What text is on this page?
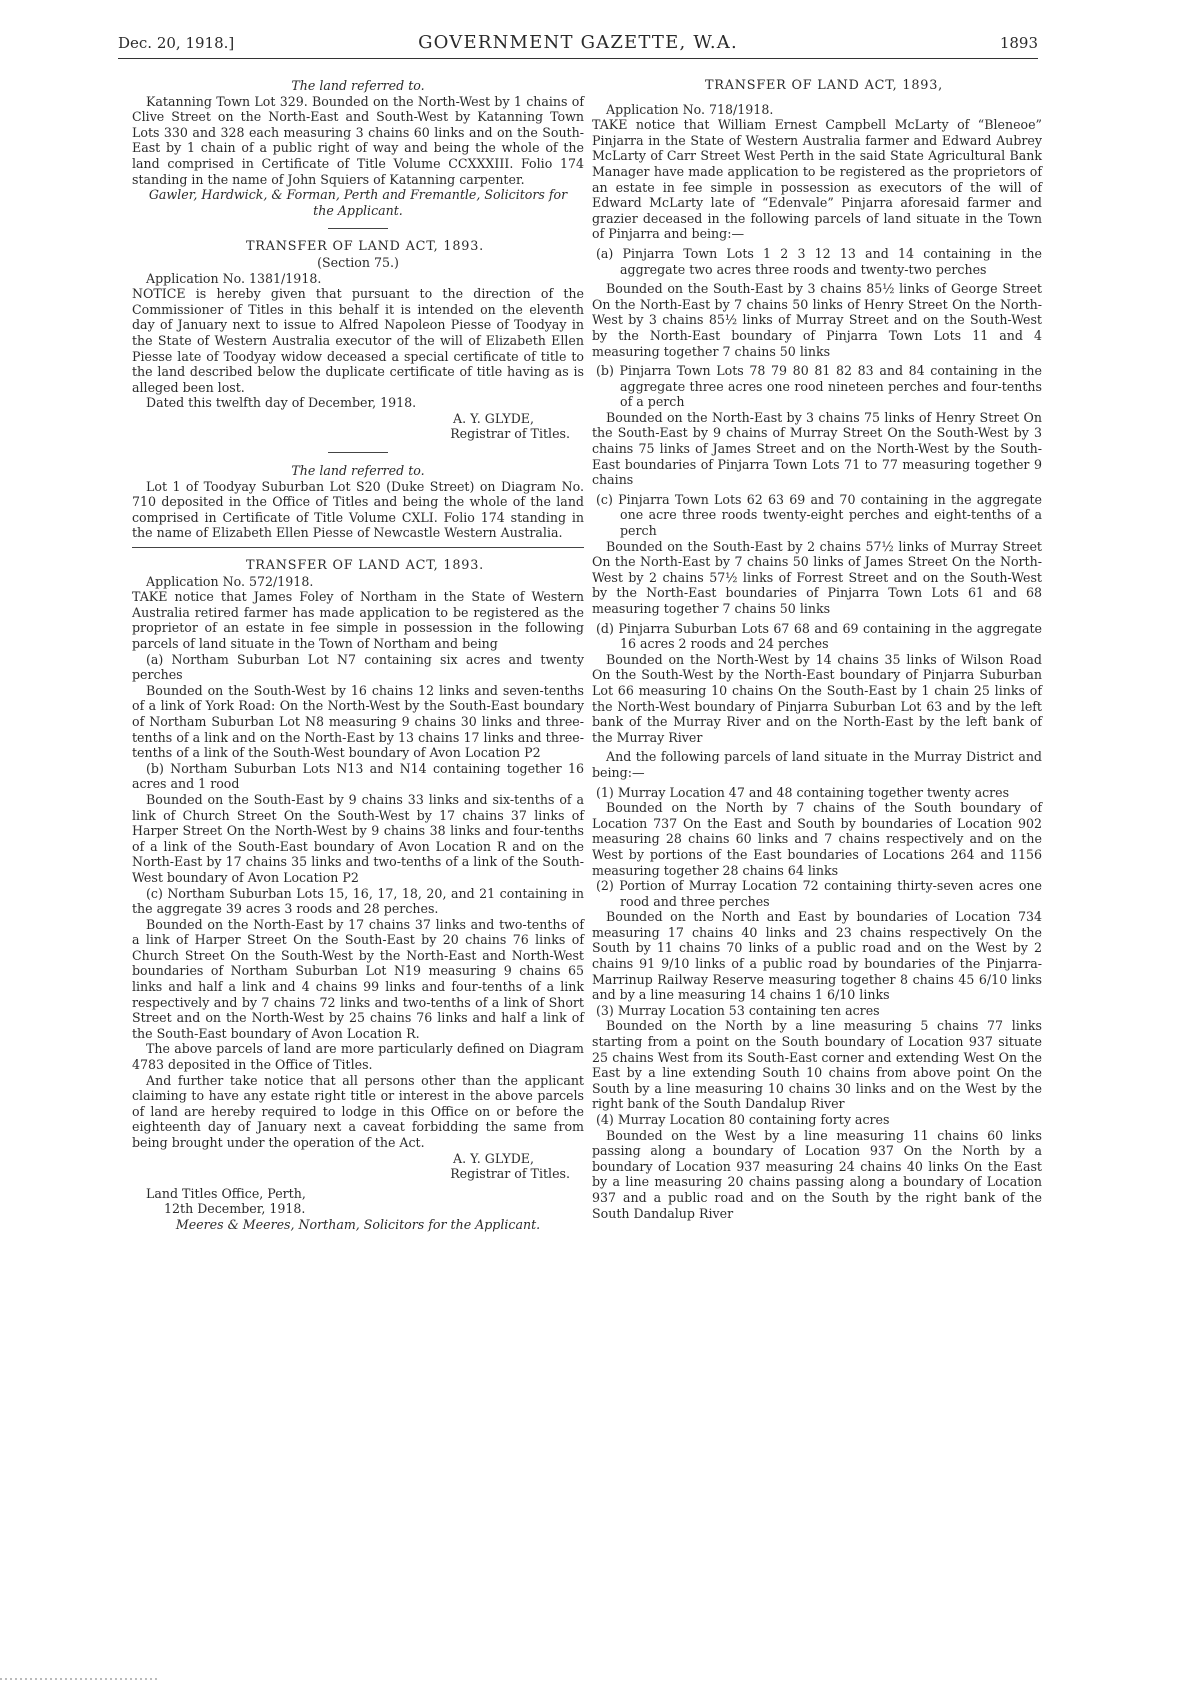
Dec. 20, 1918.]	GOVERNMENT GAZETTE, W.A.	1893

The land referred to.

Katanning Town Lot 329. Bounded on the North-West by 1 chains of Clive Street on the North-East and South-West by Katanning Town Lots 330 and 328 each measuring 3 chains 60 links and on the South-East by 1 chain of a public right of way and being the whole of the land comprised in Certificate of Title Volume CCXXXIII. Folio 174 standing in the name of John Squiers of Katanning carpenter.

Gawler, Hardwick, & Forman, Perth and Fremantle, Solicitors for the Applicant.

TRANSFER OF LAND ACT, 1893.

(Section 75.)

Application No. 1381/1918.

NOTICE is hereby given that pursuant to the direction of the Commissioner of Titles in this behalf it is intended on the eleventh day of January next to issue to Alfred Napoleon Piesse of Toodyay in the State of Western Australia executor of the will of Elizabeth Ellen Piesse late of Toodyay widow deceased a special certificate of title to the land described below the duplicate certificate of title having as is alleged been lost.

Dated this twelfth day of December, 1918.

A. Y. GLYDE,

Registrar of Titles.

The land referred to.

Lot 1 of Toodyay Suburban Lot S20 (Duke Street) on Diagram No. 710 deposited in the Office of Titles and being the whole of the land comprised in Certificate of Title Volume CXLI. Folio 174 standing in the name of Elizabeth Ellen Piesse of Newcastle Western Australia.

TRANSFER OF LAND ACT, 1893.

Application No. 572/1918.

TAKE notice that James Foley of Northam in the State of Western Australia retired farmer has made application to be registered as the proprietor of an estate in fee simple in possession in the following parcels of land situate in the Town of Northam and being

(a) Northam Suburban Lot N7 containing six acres and twenty perches

Bounded on the South-West by 16 chains 12 links and seven-tenths of a link of York Road: On the North-West by the South-East boundary of Northam Suburban Lot N8 measuring 9 chains 30 links and three-tenths of a link and on the North-East by 13 chains 17 links and three-tenths of a link of the South-West boundary of Avon Location P2

(b) Northam Suburban Lots N13 and N14 containing together 16 acres and 1 rood

Bounded on the South-East by 9 chains 33 links and six-tenths of a link of Church Street On the South-West by 17 chains 37 links of Harper Street On the North-West by 9 chains 38 links and four-tenths of a link of the South-East boundary of Avon Location R and on the North-East by 17 chains 35 links and two-tenths of a link of the South-West boundary of Avon Location P2

(c) Northam Suburban Lots 15, 16, 17, 18, 20, and 21 containing in the aggregate 39 acres 3 roods and 28 perches.

Bounded on the North-East by 17 chains 37 links and two-tenths of a link of Harper Street On the South-East by 20 chains 76 links of Church Street On the South-West by the North-East and North-West boundaries of Northam Suburban Lot N19 measuring 9 chains 65 links and half a link and 4 chains 99 links and four-tenths of a link respectively and by 7 chains 72 links and two-tenths of a link of Short Street and on the North-West by 25 chains 76 links and half a link of the South-East boundary of Avon Location R.

The above parcels of land are more particularly defined on Diagram 4783 deposited in the Office of Titles.

And further take notice that all persons other than the applicant claiming to have any estate right title or interest in the above parcels of land are hereby required to lodge in this Office on or before the eighteenth day of January next a caveat forbidding the same from being brought under the operation of the Act.

A. Y. GLYDE,

Registrar of Titles.

Land Titles Office, Perth,

12th December, 1918.

Meeres & Meeres, Northam, Solicitors for the Applicant.

TRANSFER OF LAND ACT, 1893,

Application No. 718/1918.

TAKE notice that William Ernest Campbell McLarty of “Bleneoe” Pinjarra in the State of Western Australia farmer and Edward Aubrey McLarty of Carr Street West Perth in the said State Agricultural Bank Manager have made application to be registered as the proprietors of an estate in fee simple in possession as executors of the will of Edward McLarty late of “Edenvale” Pinjarra aforesaid farmer and grazier deceased in the following parcels of land situate in the Town of Pinjarra and being:—

(a) Pinjarra Town Lots 1 2 3 12 13 and 14 containing in the aggregate two acres three roods and twenty-two perches

Bounded on the South-East by 3 chains 85½ links of George Street On the North-East by 7 chains 50 links of Henry Street On the North-West by 3 chains 85½ links of Murray Street and on the South-West by the North-East boundary of Pinjarra Town Lots 11 and 4 measuring together 7 chains 50 links

(b) Pinjarra Town Lots 78 79 80 81 82 83 and 84 containing in the aggregate three acres one rood nineteen perches and four-tenths of a perch

Bounded on the North-East by 3 chains 75 links of Henry Street On the South-East by 9 chains of Murray Street On the South-West by 3 chains 75 links of James Street and on the North-West by the South-East boundaries of Pinjarra Town Lots 71 to 77 measuring together 9 chains

(c) Pinjarra Town Lots 62 63 69 and 70 containing in the aggregate one acre three roods twenty-eight perches and eight-tenths of a perch

Bounded on the South-East by 2 chains 57½ links of Murray Street On the North-East by 7 chains 50 links of James Street On the North-West by 2 chains 57½ links of Forrest Street and on the South-West by the North-East boundaries of Pinjarra Town Lots 61 and 68 measuring together 7 chains 50 links

(d) Pinjarra Suburban Lots 67 68 and 69 containing in the aggregate 16 acres 2 roods and 24 perches

Bounded on the North-West by 14 chains 35 links of Wilson Road On the South-West by the North-East boundary of Pinjarra Suburban Lot 66 measuring 10 chains On the South-East by 1 chain 25 links of the North-West boundary of Pinjarra Suburban Lot 63 and by the left bank of the Murray River and on the North-East by the left bank of the Murray River

And the following parcels of land situate in the Murray District and being:—

(1) Murray Location 47 and 48 containing together twenty acres

Bounded on the North by 7 chains of the South boundary of Location 737 On the East and South by boundaries of Location 902 measuring 28 chains 60 links and 7 chains respectively and on the West by portions of the East boundaries of Locations 264 and 1156 measuring together 28 chains 64 links

(2) Portion of Murray Location 72 containing thirty-seven acres one rood and three perches

Bounded on the North and East by boundaries of Location 734 measuring 17 chains 40 links and 23 chains respectively On the South by 11 chains 70 links of a public road and on the West by 2 chains 91 9/10 links of a public road by boundaries of the Pinjarra-Marrinup Railway Reserve measuring together 8 chains 45 6/10 links and by a line measuring 14 chains 1 6/10 links

(3) Murray Location 53 containing ten acres

Bounded on the North by a line measuring 5 chains 77 links starting from a point on the South boundary of Location 937 situate 25 chains West from its South-East corner and extending West On the East by a line extending South 10 chains from above point On the South by a line measuring 10 chains 30 links and on the West by the right bank of the South Dandalup River

(4) Murray Location 80 containing forty acres

Bounded on the West by a line measuring 11 chains 60 links passing along a boundary of Location 937 On the North by a boundary of Location 937 measuring 24 chains 40 links On the East by a line measuring 20 chains passing along a boundary of Location 937 and a public road and on the South by the right bank of the South Dandalup River
